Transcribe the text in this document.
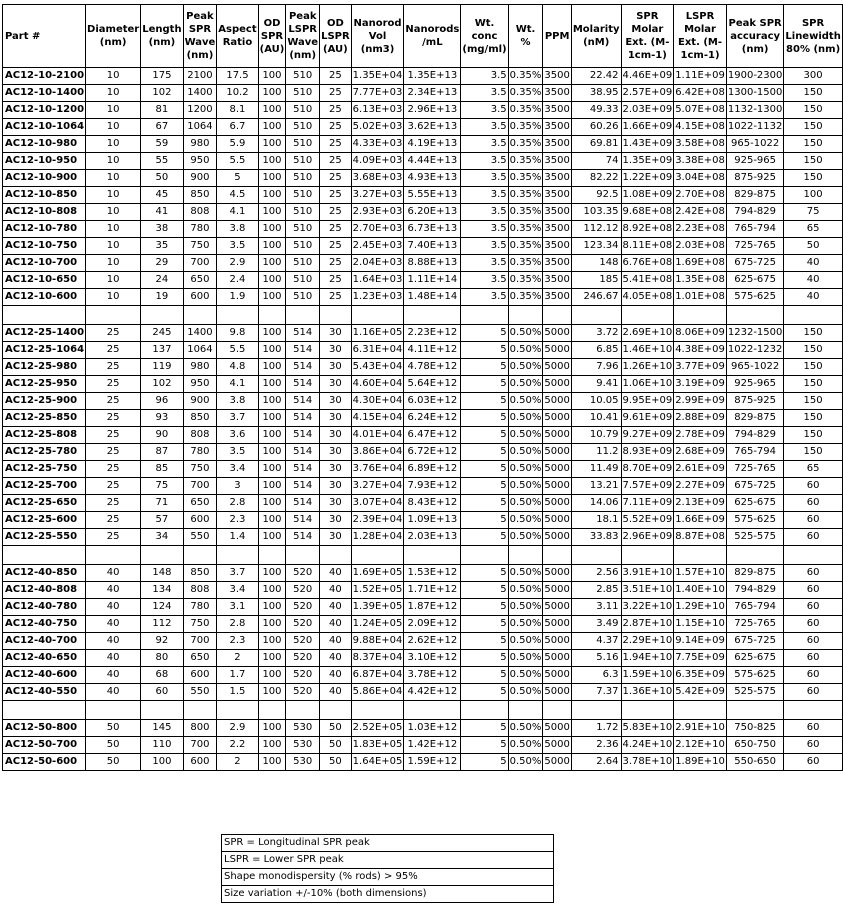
Part #	Diameter (nm)	Length (nm)	Peak SPR Wave (nm)	Aspect Ratio	OD SPR (AU)	Peak LSPR Wave (nm)	OD LSPR (AU)	Nanorod Vol (nm3)	Nanorods /mL	Wt. conc (mg/ml)	Wt. %	PPM	Molarity (nM)	SPR Molar Ext. (M-1cm-1)	LSPR Molar Ext. (M-1cm-1)	Peak SPR accuracy (nm)	SPR Linewidth 80% (nm)
AC12-10-2100	10	175	2100	17.5	100	510	25	1.35E+04	1.35E+13	3.5	0.35%	3500	22.42	4.46E+09	1.11E+09	1900-2300	300
AC12-10-1400	10	102	1400	10.2	100	510	25	7.77E+03	2.34E+13	3.5	0.35%	3500	38.95	2.57E+09	6.42E+08	1300-1500	150
AC12-10-1200	10	81	1200	8.1	100	510	25	6.13E+03	2.96E+13	3.5	0.35%	3500	49.33	2.03E+09	5.07E+08	1132-1300	150
AC12-10-1064	10	67	1064	6.7	100	510	25	5.02E+03	3.62E+13	3.5	0.35%	3500	60.26	1.66E+09	4.15E+08	1022-1132	150
AC12-10-980	10	59	980	5.9	100	510	25	4.33E+03	4.19E+13	3.5	0.35%	3500	69.81	1.43E+09	3.58E+08	965-1022	150
AC12-10-950	10	55	950	5.5	100	510	25	4.09E+03	4.44E+13	3.5	0.35%	3500	74	1.35E+09	3.38E+08	925-965	150
AC12-10-900	10	50	900	5	100	510	25	3.68E+03	4.93E+13	3.5	0.35%	3500	82.22	1.22E+09	3.04E+08	875-925	150
AC12-10-850	10	45	850	4.5	100	510	25	3.27E+03	5.55E+13	3.5	0.35%	3500	92.5	1.08E+09	2.70E+08	829-875	100
AC12-10-808	10	41	808	4.1	100	510	25	2.93E+03	6.20E+13	3.5	0.35%	3500	103.35	9.68E+08	2.42E+08	794-829	75
AC12-10-780	10	38	780	3.8	100	510	25	2.70E+03	6.73E+13	3.5	0.35%	3500	112.12	8.92E+08	2.23E+08	765-794	65
AC12-10-750	10	35	750	3.5	100	510	25	2.45E+03	7.40E+13	3.5	0.35%	3500	123.34	8.11E+08	2.03E+08	725-765	50
AC12-10-700	10	29	700	2.9	100	510	25	2.04E+03	8.88E+13	3.5	0.35%	3500	148	6.76E+08	1.69E+08	675-725	40
AC12-10-650	10	24	650	2.4	100	510	25	1.64E+03	1.11E+14	3.5	0.35%	3500	185	5.41E+08	1.35E+08	625-675	40
AC12-10-600	10	19	600	1.9	100	510	25	1.23E+03	1.48E+14	3.5	0.35%	3500	246.67	4.05E+08	1.01E+08	575-625	40

AC12-25-1400	25	245	1400	9.8	100	514	30	1.16E+05	2.23E+12	5	0.50%	5000	3.72	2.69E+10	8.06E+09	1232-1500	150
AC12-25-1064	25	137	1064	5.5	100	514	30	6.31E+04	4.11E+12	5	0.50%	5000	6.85	1.46E+10	4.38E+09	1022-1232	150
AC12-25-980	25	119	980	4.8	100	514	30	5.43E+04	4.78E+12	5	0.50%	5000	7.96	1.26E+10	3.77E+09	965-1022	150
AC12-25-950	25	102	950	4.1	100	514	30	4.60E+04	5.64E+12	5	0.50%	5000	9.41	1.06E+10	3.19E+09	925-965	150
AC12-25-900	25	96	900	3.8	100	514	30	4.30E+04	6.03E+12	5	0.50%	5000	10.05	9.95E+09	2.99E+09	875-925	150
AC12-25-850	25	93	850	3.7	100	514	30	4.15E+04	6.24E+12	5	0.50%	5000	10.41	9.61E+09	2.88E+09	829-875	150
AC12-25-808	25	90	808	3.6	100	514	30	4.01E+04	6.47E+12	5	0.50%	5000	10.79	9.27E+09	2.78E+09	794-829	150
AC12-25-780	25	87	780	3.5	100	514	30	3.86E+04	6.72E+12	5	0.50%	5000	11.2	8.93E+09	2.68E+09	765-794	150
AC12-25-750	25	85	750	3.4	100	514	30	3.76E+04	6.89E+12	5	0.50%	5000	11.49	8.70E+09	2.61E+09	725-765	65
AC12-25-700	25	75	700	3	100	514	30	3.27E+04	7.93E+12	5	0.50%	5000	13.21	7.57E+09	2.27E+09	675-725	60
AC12-25-650	25	71	650	2.8	100	514	30	3.07E+04	8.43E+12	5	0.50%	5000	14.06	7.11E+09	2.13E+09	625-675	60
AC12-25-600	25	57	600	2.3	100	514	30	2.39E+04	1.09E+13	5	0.50%	5000	18.1	5.52E+09	1.66E+09	575-625	60
AC12-25-550	25	34	550	1.4	100	514	30	1.28E+04	2.03E+13	5	0.50%	5000	33.83	2.96E+09	8.87E+08	525-575	60

AC12-40-850	40	148	850	3.7	100	520	40	1.69E+05	1.53E+12	5	0.50%	5000	2.56	3.91E+10	1.57E+10	829-875	60
AC12-40-808	40	134	808	3.4	100	520	40	1.52E+05	1.71E+12	5	0.50%	5000	2.85	3.51E+10	1.40E+10	794-829	60
AC12-40-780	40	124	780	3.1	100	520	40	1.39E+05	1.87E+12	5	0.50%	5000	3.11	3.22E+10	1.29E+10	765-794	60
AC12-40-750	40	112	750	2.8	100	520	40	1.24E+05	2.09E+12	5	0.50%	5000	3.49	2.87E+10	1.15E+10	725-765	60
AC12-40-700	40	92	700	2.3	100	520	40	9.88E+04	2.62E+12	5	0.50%	5000	4.37	2.29E+10	9.14E+09	675-725	60
AC12-40-650	40	80	650	2	100	520	40	8.37E+04	3.10E+12	5	0.50%	5000	5.16	1.94E+10	7.75E+09	625-675	60
AC12-40-600	40	68	600	1.7	100	520	40	6.87E+04	3.78E+12	5	0.50%	5000	6.3	1.59E+10	6.35E+09	575-625	60
AC12-40-550	40	60	550	1.5	100	520	40	5.86E+04	4.42E+12	5	0.50%	5000	7.37	1.36E+10	5.42E+09	525-575	60

AC12-50-800	50	145	800	2.9	100	530	50	2.52E+05	1.03E+12	5	0.50%	5000	1.72	5.83E+10	2.91E+10	750-825	60
AC12-50-700	50	110	700	2.2	100	530	50	1.83E+05	1.42E+12	5	0.50%	5000	2.36	4.24E+10	2.12E+10	650-750	60
AC12-50-600	50	100	600	2	100	530	50	1.64E+05	1.59E+12	5	0.50%	5000	2.64	3.78E+10	1.89E+10	550-650	60
SPR = Longitudinal SPR peak
LSPR = Lower SPR peak
Shape monodispersity (% rods) > 95%
Size variation +/-10% (both dimensions)
